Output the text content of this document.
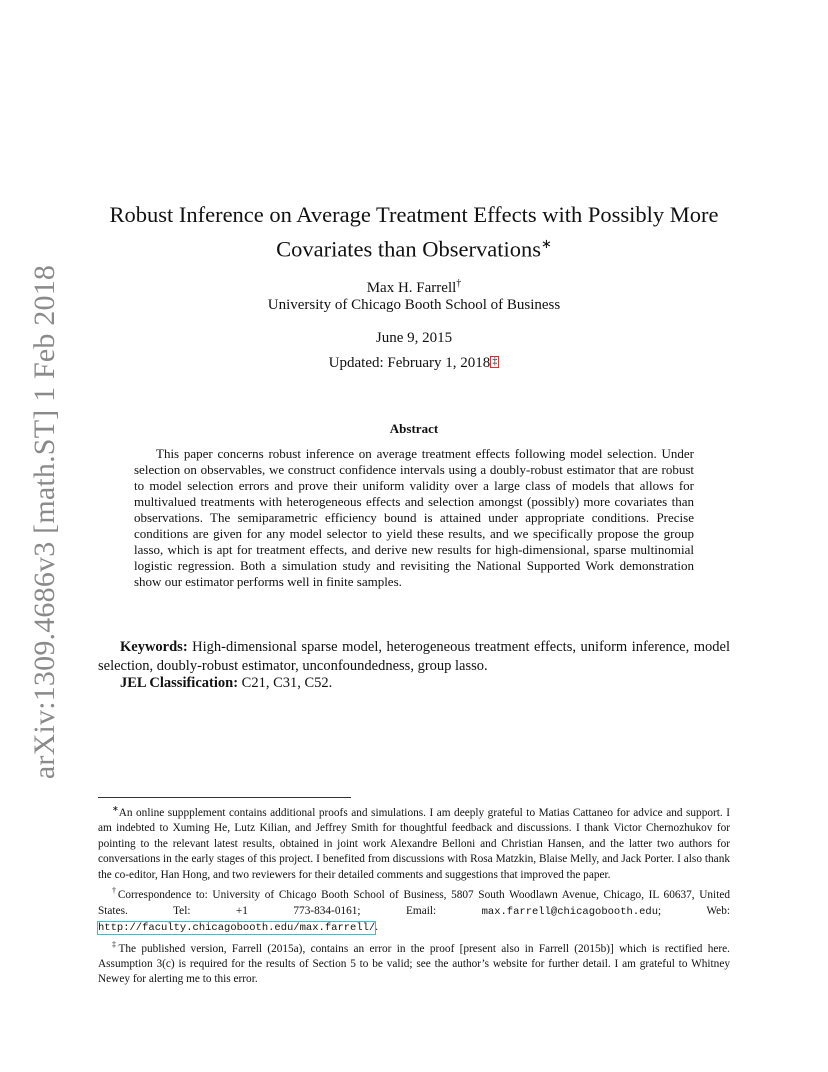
arXiv:1309.4686v3 [math.ST] 1 Feb 2018
Robust Inference on Average Treatment Effects with Possibly More
Covariates than Observations∗
Max H. Farrell†
University of Chicago Booth School of Business
June 9, 2015
Updated: February 1, 2018 ‡
Abstract
This paper concerns robust inference on average treatment effects following model selection. Under selection on observables, we construct confidence intervals using a doubly-robust estimator that are robust to model selection errors and prove their uniform validity over a large class of models that allows for multivalued treatments with heterogeneous effects and selection amongst (possibly) more covariates than observations. The semiparametric efficiency bound is attained under appropriate conditions. Precise conditions are given for any model selector to yield these results, and we specifically propose the group lasso, which is apt for treatment effects, and derive new results for high-dimensional, sparse multinomial logistic regression. Both a simulation study and revisiting the National Supported Work demonstration show our estimator performs well in finite samples.
Keywords: High-dimensional sparse model, heterogeneous treatment effects, uniform inference, model selection, doubly-robust estimator, unconfoundedness, group lasso.
JEL Classification: C21, C31, C52.
∗An online suppplement contains additional proofs and simulations. I am deeply grateful to Matias Cattaneo for advice and support. I am indebted to Xuming He, Lutz Kilian, and Jeffrey Smith for thoughtful feedback and discussions. I thank Victor Chernozhukov for pointing to the relevant latest results, obtained in joint work Alexandre Belloni and Christian Hansen, and the latter two authors for conversations in the early stages of this project. I benefited from discussions with Rosa Matzkin, Blaise Melly, and Jack Porter. I also thank the co-editor, Han Hong, and two reviewers for their detailed comments and suggestions that improved the paper.
†Correspondence to: University of Chicago Booth School of Business, 5807 South Woodlawn Avenue, Chicago, IL 60637, United States. Tel: +1 773-834-0161; Email: max.farrell@chicagobooth.edu; Web: http://faculty.chicagobooth.edu/max.farrell/.
‡The published version, Farrell (2015a), contains an error in the proof [present also in Farrell (2015b)] which is rectified here. Assumption 3(c) is required for the results of Section 5 to be valid; see the author’s website for further detail. I am grateful to Whitney Newey for alerting me to this error.
